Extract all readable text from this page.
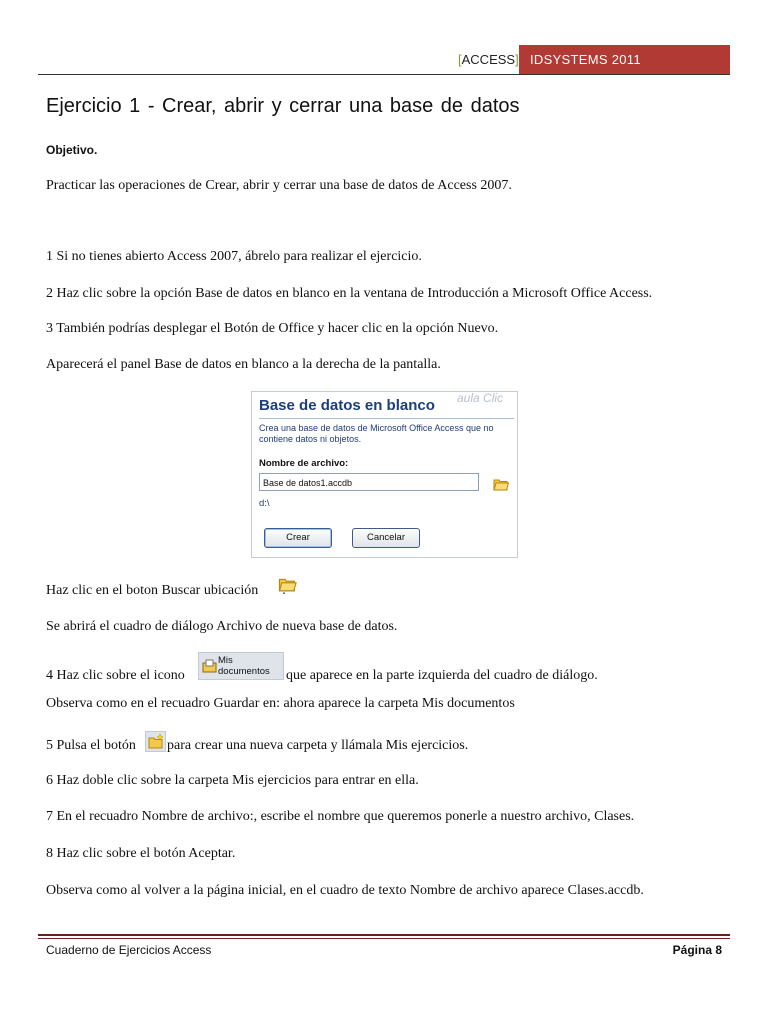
[ACCESS] IDSYSTEMS 2011
Ejercicio 1 - Crear, abrir y cerrar una base de datos
Objetivo.
Practicar las operaciones de Crear, abrir y cerrar una base de datos de Access 2007.
1 Si no tienes abierto Access 2007, ábrelo para realizar el ejercicio.
2 Haz clic sobre la opción Base de datos en blanco en la ventana de Introducción a Microsoft Office Access.
3 También podrías desplegar el Botón de Office y hacer clic en la opción Nuevo.
Aparecerá el panel Base de datos en blanco a la derecha de la pantalla.
Base de datos en blanco aula Clic
Crea una base de datos de Microsoft Office Access que no contiene datos ni objetos.
Nombre de archivo:
Base de datos1.accdb
d:\
Crear	Cancelar
Haz clic en el boton Buscar ubicación
Se abrirá el cuadro de diálogo Archivo de nueva base de datos.
4 Haz clic sobre el icono
Mis documentos	que aparece en la parte izquierda del cuadro de diálogo.
Observa como en el recuadro Guardar en: ahora aparece la carpeta Mis documentos
5 Pulsa el botón para crear una nueva carpeta y llámala Mis ejercicios.
6 Haz doble clic sobre la carpeta Mis ejercicios para entrar en ella.
7 En el recuadro Nombre de archivo:, escribe el nombre que queremos ponerle a nuestro archivo, Clases.
8 Haz clic sobre el botón Aceptar.
Observa como al volver a la página inicial, en el cuadro de texto Nombre de archivo aparece Clases.accdb.
Cuaderno de Ejercicios Access	Página 8
